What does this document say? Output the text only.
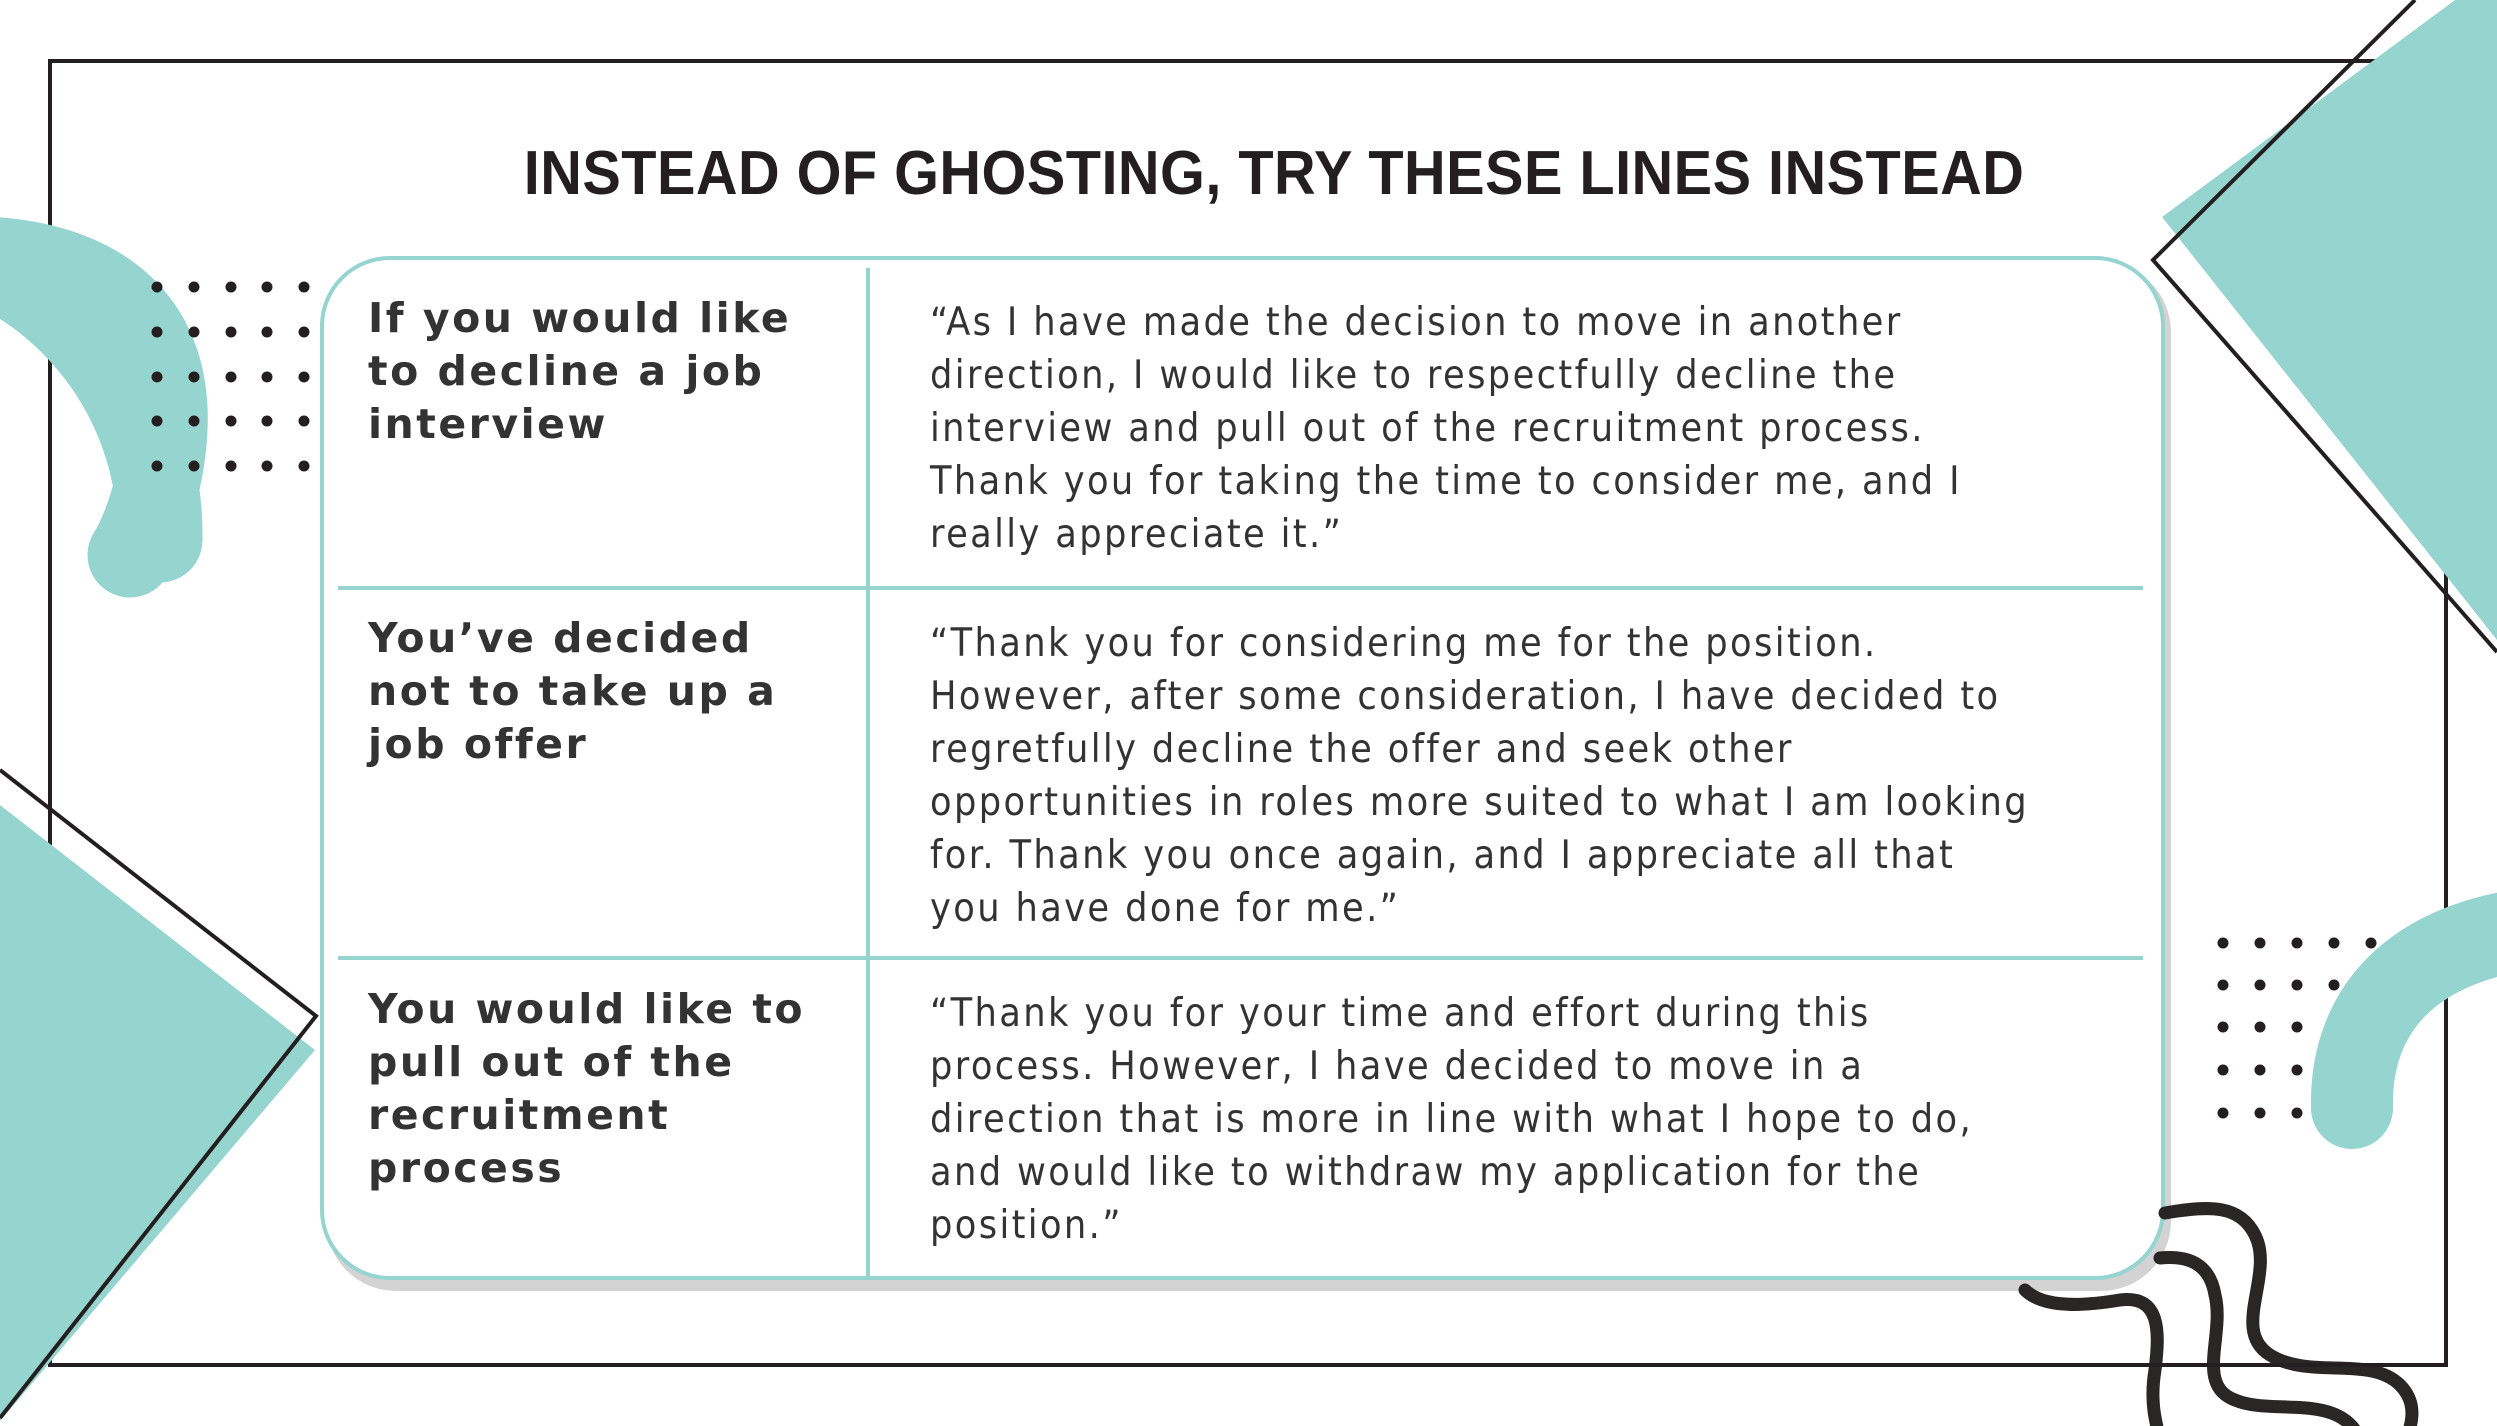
INSTEAD OF GHOSTING, TRY THESE LINES INSTEAD
If you would like to decline a job interview
“As I have made the decision to move in another direction, I would like to respectfully decline the interview and pull out of the recruitment process. Thank you for taking the time to consider me, and I really appreciate it.”
You’ve decided not to take up a job offer
“Thank you for considering me for the position. However, after some consideration, I have decided to regretfully decline the offer and seek other opportunities in roles more suited to what I am looking for. Thank you once again, and I appreciate all that you have done for me.”
You would like to pull out of the recruitment process
“Thank you for your time and effort during this process. However, I have decided to move in a direction that is more in line with what I hope to do, and would like to withdraw my application for the position.”
